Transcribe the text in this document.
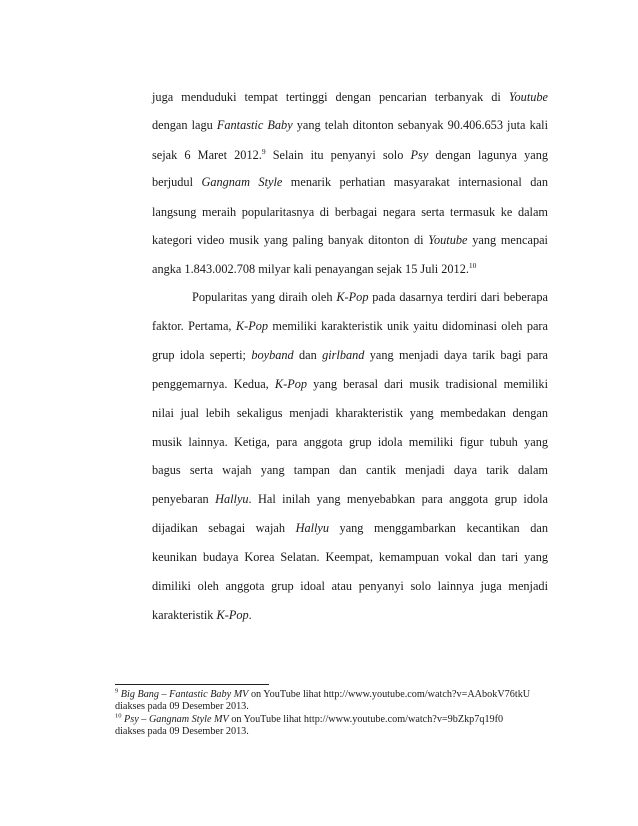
juga menduduki tempat tertinggi dengan pencarian terbanyak di Youtube
dengan lagu Fantastic Baby yang telah ditonton sebanyak 90.406.653 juta kali
sejak 6 Maret 2012.$^9$ Selain itu penyanyi solo Psy dengan lagunya yang
berjudul Gangnam Style menarik perhatian masyarakat internasional dan
langsung meraih popularitasnya di berbagai negara serta termasuk ke dalam
kategori video musik yang paling banyak ditonton di Youtube yang mencapai
angka 1.843.002.708 milyar kali penayangan sejak 15 Juli 2012.10
Popularitas yang diraih oleh K-Pop pada dasarnya terdiri dari beberapa
faktor. Pertama, K-Pop memiliki karakteristik unik yaitu didominasi oleh para
grup idola seperti; boyband dan girlband yang menjadi daya tarik bagi para
penggemarnya. Kedua, K-Pop yang berasal dari musik tradisional memiliki
nilai jual lebih sekaligus menjadi kharakteristik yang membedakan dengan
musik lainnya. Ketiga, para anggota grup idola memiliki figur tubuh yang
bagus serta wajah yang tampan dan cantik menjadi daya tarik dalam
penyebaran Hallyu. Hal inilah yang menyebabkan para anggota grup idola
dijadikan sebagai wajah Hallyu yang menggambarkan kecantikan dan
keunikan budaya Korea Selatan. Keempat, kemampuan vokal dan tari yang
dimiliki oleh anggota grup idoal atau penyanyi solo lainnya juga menjadi
karakteristik K-Pop.
$^9$ Big Bang – Fantastic Baby MV on YouTube lihat http://www.youtube.com/watch?v=AAbokV76tkU
diakses pada 09 Desember 2013.
$^{10}$ Psy – Gangnam Style MV on YouTube lihat http://www.youtube.com/watch?v=9bZkp7q19f0
diakses pada 09 Desember 2013.
